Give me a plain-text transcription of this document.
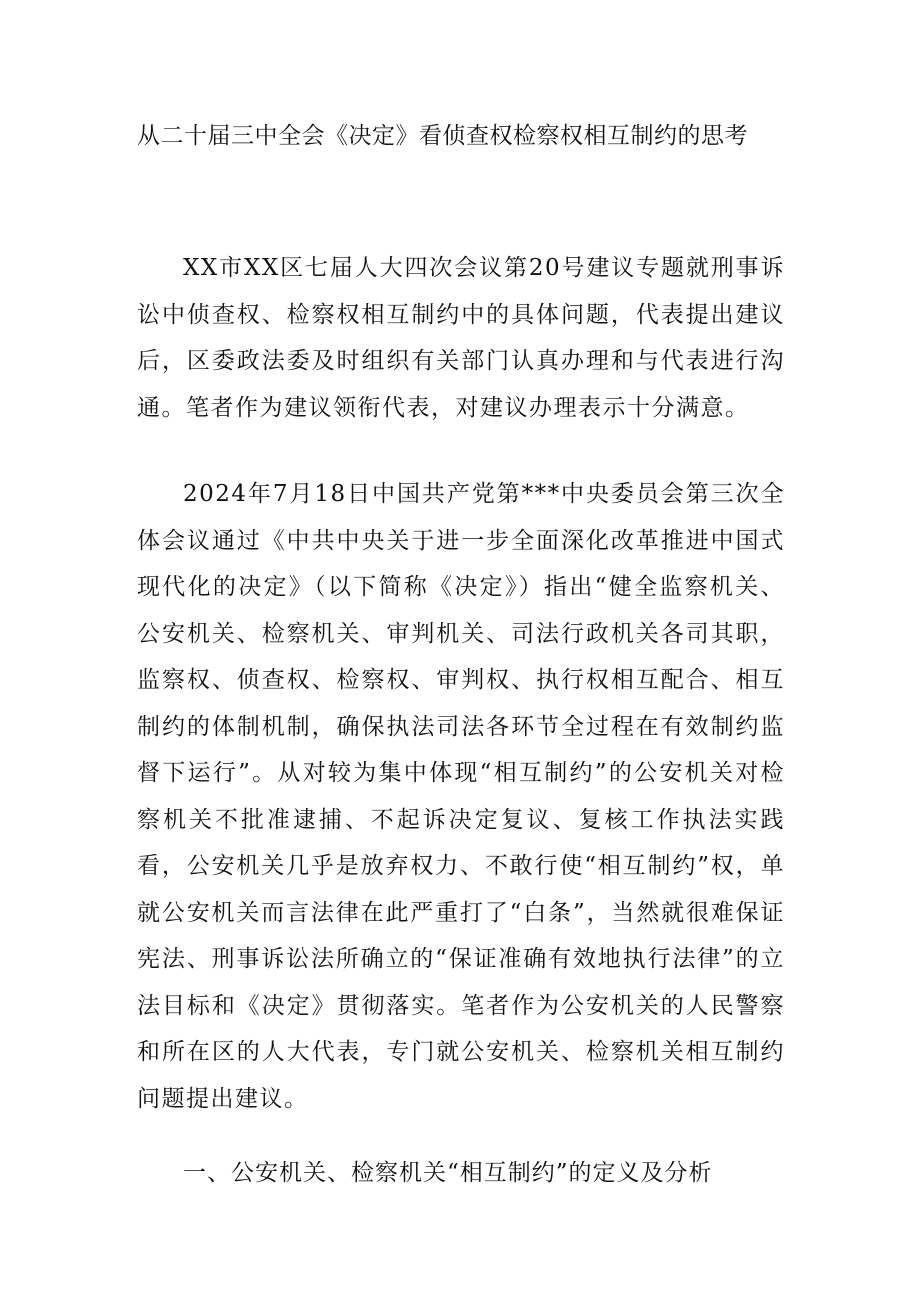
从二十届三中全会《决定》看侦查权检察权相互制约的思考

XX市XX区七届人大四次会议第20号建议专题就刑事诉讼中侦查权、检察权相互制约中的具体问题，代表提出建议后，区委政法委及时组织有关部门认真办理和与代表进行沟通。笔者作为建议领衔代表，对建议办理表示十分满意。

2024年7月18日中国共产党第***中央委员会第三次全体会议通过《中共中央关于进一步全面深化改革推进中国式现代化的决定》（以下简称《决定》）指出“健全监察机关、公安机关、检察机关、审判机关、司法行政机关各司其职，监察权、侦查权、检察权、审判权、执行权相互配合、相互制约的体制机制，确保执法司法各环节全过程在有效制约监督下运行”。从对较为集中体现“相互制约”的公安机关对检察机关不批准逮捕、不起诉决定复议、复核工作执法实践看，公安机关几乎是放弃权力、不敢行使“相互制约”权，单就公安机关而言法律在此严重打了“白条”，当然就很难保证宪法、刑事诉讼法所确立的“保证准确有效地执行法律”的立法目标和《决定》贯彻落实。笔者作为公安机关的人民警察和所在区的人大代表，专门就公安机关、检察机关相互制约问题提出建议。

一、公安机关、检察机关“相互制约”的定义及分析
